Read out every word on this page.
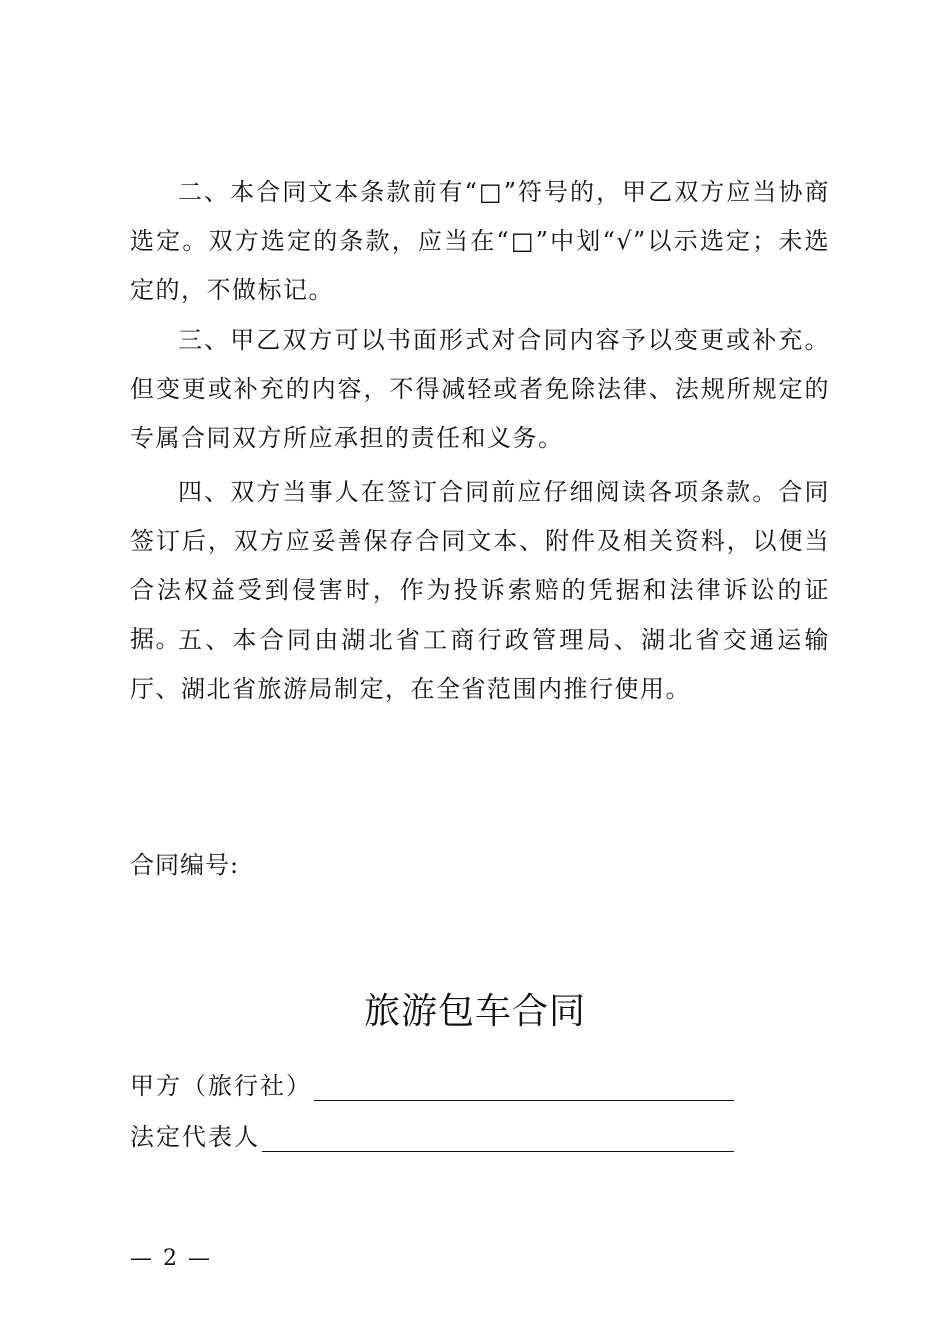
二、本合同文本条款前有“□”符号的，甲乙双方应当协商选定。双方选定的条款，应当在“□”中划“√”以示选定；未选定的，不做标记。

三、甲乙双方可以书面形式对合同内容予以变更或补充。但变更或补充的内容，不得减轻或者免除法律、法规所规定的专属合同双方所应承担的责任和义务。

四、双方当事人在签订合同前应仔细阅读各项条款。合同签订后，双方应妥善保存合同文本、附件及相关资料，以便当合法权益受到侵害时，作为投诉索赔的凭据和法律诉讼的证据。

五、本合同由湖北省工商行政管理局、湖北省交通运输厅、湖北省旅游局制定，在全省范围内推行使用。

合同编号:
旅游包车合同
甲方（旅行社）
法定代表人
— 2 —
